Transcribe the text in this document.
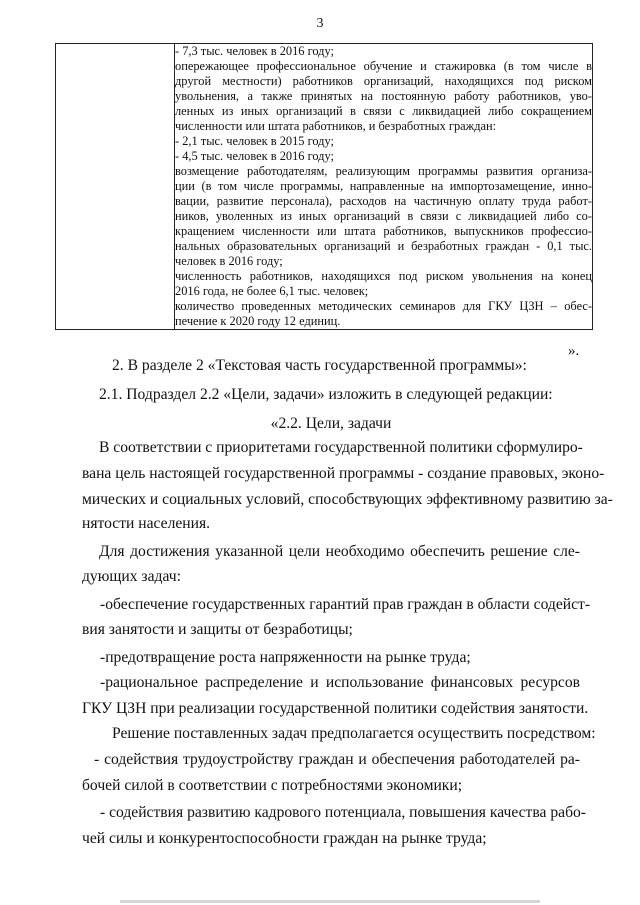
3

- 7,3 тыс. человек в 2016 году;
опережающее профессиональное обучение и стажировка (в том числе в
другой местности) работников организаций, находящихся под риском
увольнения, а также принятых на постоянную работу работников, уво-
ленных из иных организаций в связи с ликвидацией либо сокращением
численности или штата работников, и безработных граждан:
- 2,1 тыс. человек в 2015 году;
- 4,5 тыс. человек в 2016 году;
возмещение работодателям, реализующим программы развития организа-
ции (в том числе программы, направленные на импортозамещение, инно-
вации, развитие персонала), расходов на частичную оплату труда работ-
ников, уволенных из иных организаций в связи с ликвидацией либо со-
кращением численности или штата работников, выпускников профессио-
нальных образовательных организаций и безработных граждан - 0,1 тыс.
человек в 2016 году;
численность работников, находящихся под риском увольнения на конец
2016 года, не более 6,1 тыс. человек;
количество проведенных методических семинаров для ГКУ ЦЗН – обес-
печение к 2020 году 12 единиц.
».
2. В разделе 2 «Текстовая часть государственной программы»:
2.1. Подраздел 2.2 «Цели, задачи» изложить в следующей редакции:
«2.2. Цели, задачи
В соответствии с приоритетами государственной политики сформулиро-
вана цель настоящей государственной программы - создание правовых, эконо-
мических и социальных условий, способствующих эффективному развитию за-
нятости населения.
Для достижения указанной цели необходимо обеспечить решение сле-
дующих задач:
-обеспечение государственных гарантий прав граждан в области содейст-
вия занятости и защиты от безработицы;
-предотвращение роста напряженности на рынке труда;
-рациональное распределение и использование финансовых ресурсов
ГКУ ЦЗН при реализации государственной политики содействия занятости.
Решение поставленных задач предполагается осуществить посредством:
- содействия трудоустройству граждан и обеспечения работодателей ра-
бочей силой в соответствии с потребностями экономики;
- содействия развитию кадрового потенциала, повышения качества рабо-
чей силы и конкурентоспособности граждан на рынке труда;
